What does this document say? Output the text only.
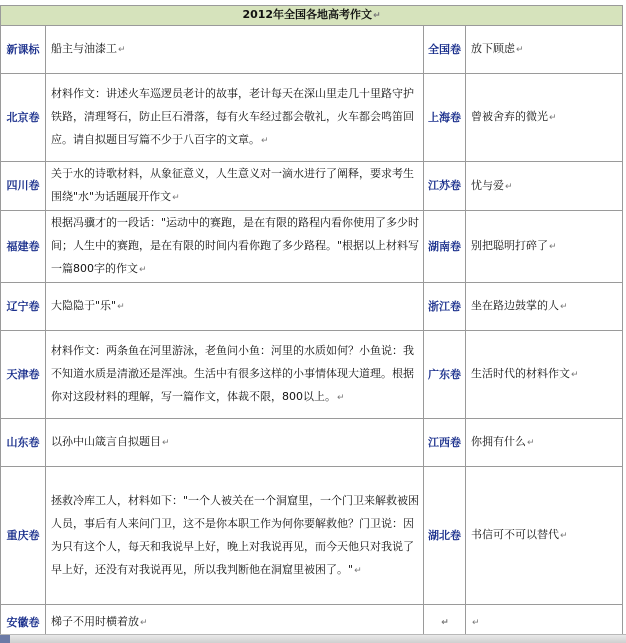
2012年全国各地高考作文↵			
新课标	船主与油漆工↵	全国卷	放下顾虑↵
北京卷	材料作文：讲述火车巡逻员老计的故事，老计每天在深山里走几十里路守护铁路，清理弩石，防止巨石滑落，每有火车经过都会敬礼，火车都会鸣笛回应。请自拟题目写篇不少于八百字的文章。↵	上海卷	曾被舍弃的微光↵
四川卷	关于水的诗歌材料，从象征意义，人生意义对一滴水进行了阐释，要求考生围绕"水"为话题展开作文↵	江苏卷	忧与爱↵
福建卷	根据冯骥才的一段话："运动中的赛跑，是在有限的路程内看你使用了多少时间；人生中的赛跑，是在有限的时间内看你跑了多少路程。"根据以上材料写一篇800字的作文↵	湖南卷	别把聪明打碎了↵
辽宁卷	大隐隐于"乐"↵	浙江卷	坐在路边鼓掌的人↵
天津卷	材料作文：两条鱼在河里游泳，老鱼问小鱼：河里的水质如何？小鱼说：我不知道水质是清澈还是浑浊。生活中有很多这样的小事情体现大道理。根据你对这段材料的理解，写一篇作文，体裁不限，800以上。↵	广东卷	生活时代的材料作文↵
山东卷	以孙中山箴言自拟题目↵	江西卷	你拥有什么↵
重庆卷	拯救冷库工人，材料如下："一个人被关在一个洞窟里，一个门卫来解救被困人员，事后有人来问门卫，这不是你本职工作为何你要解救他？门卫说：因为只有这个人，每天和我说早上好，晚上对我说再见，而今天他只对我说了早上好，还没有对我说再见，所以我判断他在洞窟里被困了。"↵	湖北卷	书信可不可以替代↵
安徽卷	梯子不用时横着放↵	↵	↵
